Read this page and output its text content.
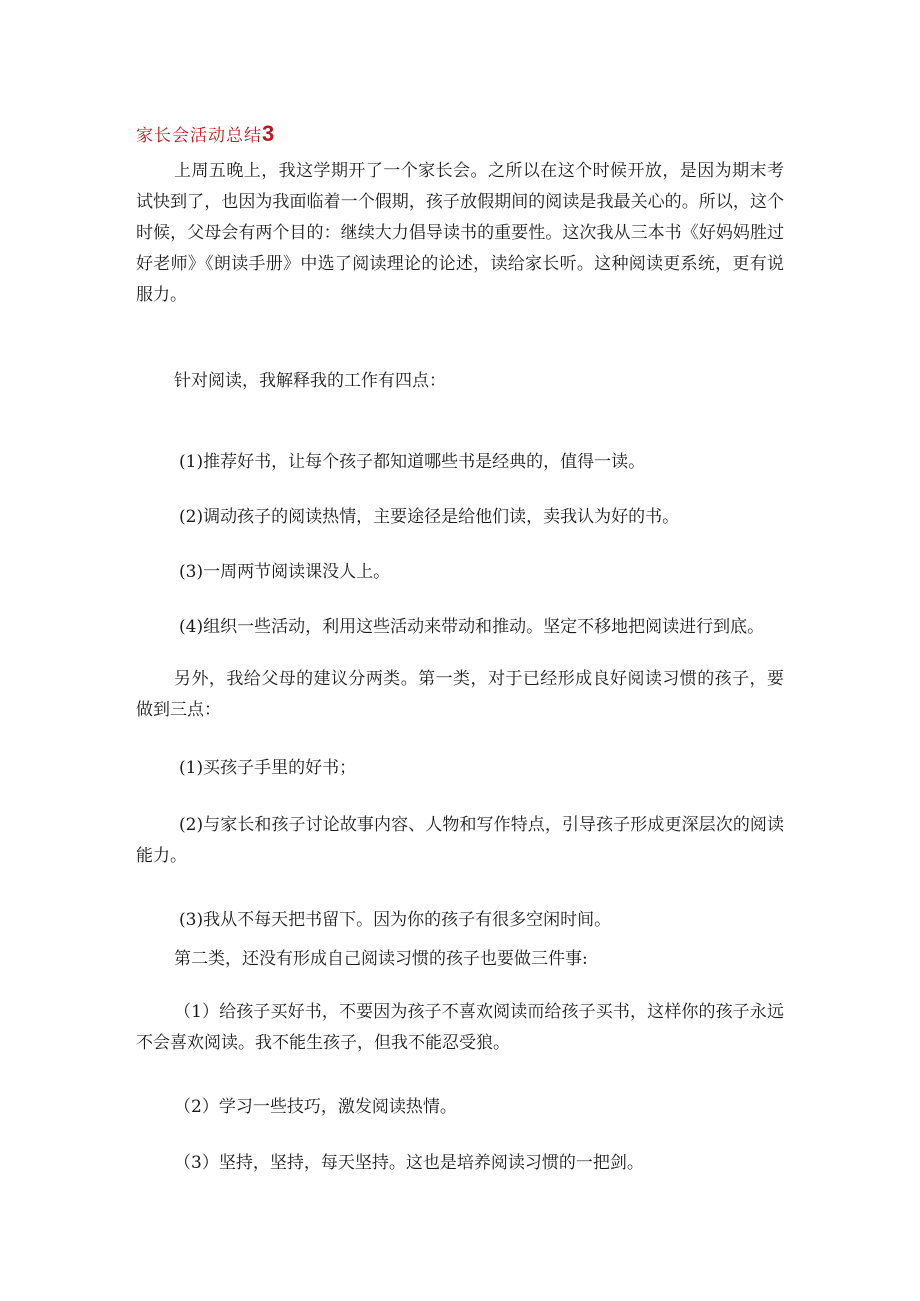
家长会活动总结3

上周五晚上，我这学期开了一个家长会。之所以在这个时候开放，是因为期末考试快到了，也因为我面临着一个假期，孩子放假期间的阅读是我最关心的。所以，这个时候，父母会有两个目的：继续大力倡导读书的重要性。这次我从三本书《好妈妈胜过好老师》《朗读手册》中选了阅读理论的论述，读给家长听。这种阅读更系统，更有说服力。

针对阅读，我解释我的工作有四点：

(1)推荐好书，让每个孩子都知道哪些书是经典的，值得一读。

(2)调动孩子的阅读热情，主要途径是给他们读，卖我认为好的书。

(3)一周两节阅读课没人上。

(4)组织一些活动，利用这些活动来带动和推动。坚定不移地把阅读进行到底。

另外，我给父母的建议分两类。第一类，对于已经形成良好阅读习惯的孩子，要做到三点：

(1)买孩子手里的好书；

(2)与家长和孩子讨论故事内容、人物和写作特点，引导孩子形成更深层次的阅读能力。

(3)我从不每天把书留下。因为你的孩子有很多空闲时间。

第二类，还没有形成自己阅读习惯的孩子也要做三件事:

（1）给孩子买好书，不要因为孩子不喜欢阅读而给孩子买书，这样你的孩子永远不会喜欢阅读。我不能生孩子，但我不能忍受狼。

（2）学习一些技巧，激发阅读热情。

（3）坚持，坚持，每天坚持。这也是培养阅读习惯的一把剑。
